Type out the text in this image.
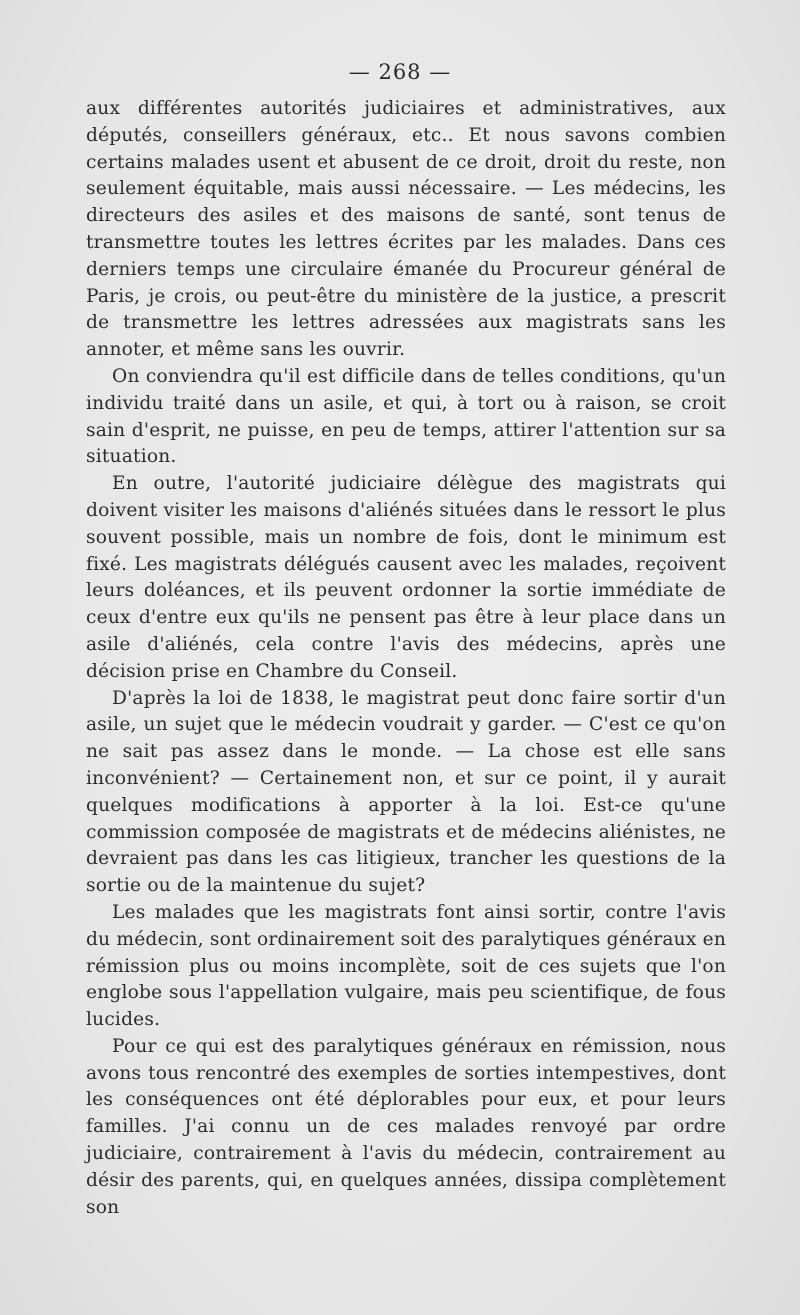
— 268 —

aux différentes autorités judiciaires et administratives, aux députés, conseillers généraux, etc.. Et nous savons combien certains malades usent et abusent de ce droit, droit du reste, non seulement équitable, mais aussi nécessaire. — Les médecins, les directeurs des asiles et des maisons de santé, sont tenus de transmettre toutes les lettres écrites par les malades. Dans ces derniers temps une circulaire émanée du Procureur général de Paris, je crois, ou peut-être du ministère de la justice, a prescrit de transmettre les lettres adressées aux magistrats sans les annoter, et même sans les ouvrir.

On conviendra qu'il est difficile dans de telles conditions, qu'un individu traité dans un asile, et qui, à tort ou à raison, se croit sain d'esprit, ne puisse, en peu de temps, attirer l'attention sur sa situation.

En outre, l'autorité judiciaire délègue des magistrats qui doivent visiter les maisons d'aliénés situées dans le ressort le plus souvent possible, mais un nombre de fois, dont le minimum est fixé. Les magistrats délégués causent avec les malades, reçoivent leurs doléances, et ils peuvent ordonner la sortie immédiate de ceux d'entre eux qu'ils ne pensent pas être à leur place dans un asile d'aliénés, cela contre l'avis des médecins, après une décision prise en Chambre du Conseil.

D'après la loi de 1838, le magistrat peut donc faire sortir d'un asile, un sujet que le médecin voudrait y garder. — C'est ce qu'on ne sait pas assez dans le monde. — La chose est elle sans inconvénient? — Certainement non, et sur ce point, il y aurait quelques modifications à apporter à la loi. Est-ce qu'une commission composée de magistrats et de médecins aliénistes, ne devraient pas dans les cas litigieux, trancher les questions de la sortie ou de la maintenue du sujet?

Les malades que les magistrats font ainsi sortir, contre l'avis du médecin, sont ordinairement soit des paralytiques généraux en rémission plus ou moins incomplète, soit de ces sujets que l'on englobe sous l'appellation vulgaire, mais peu scientifique, de fous lucides.

Pour ce qui est des paralytiques généraux en rémission, nous avons tous rencontré des exemples de sorties intempestives, dont les conséquences ont été déplorables pour eux, et pour leurs familles. J'ai connu un de ces malades renvoyé par ordre judiciaire, contrairement à l'avis du médecin, contrairement au désir des parents, qui, en quelques années, dissipa complètement son
